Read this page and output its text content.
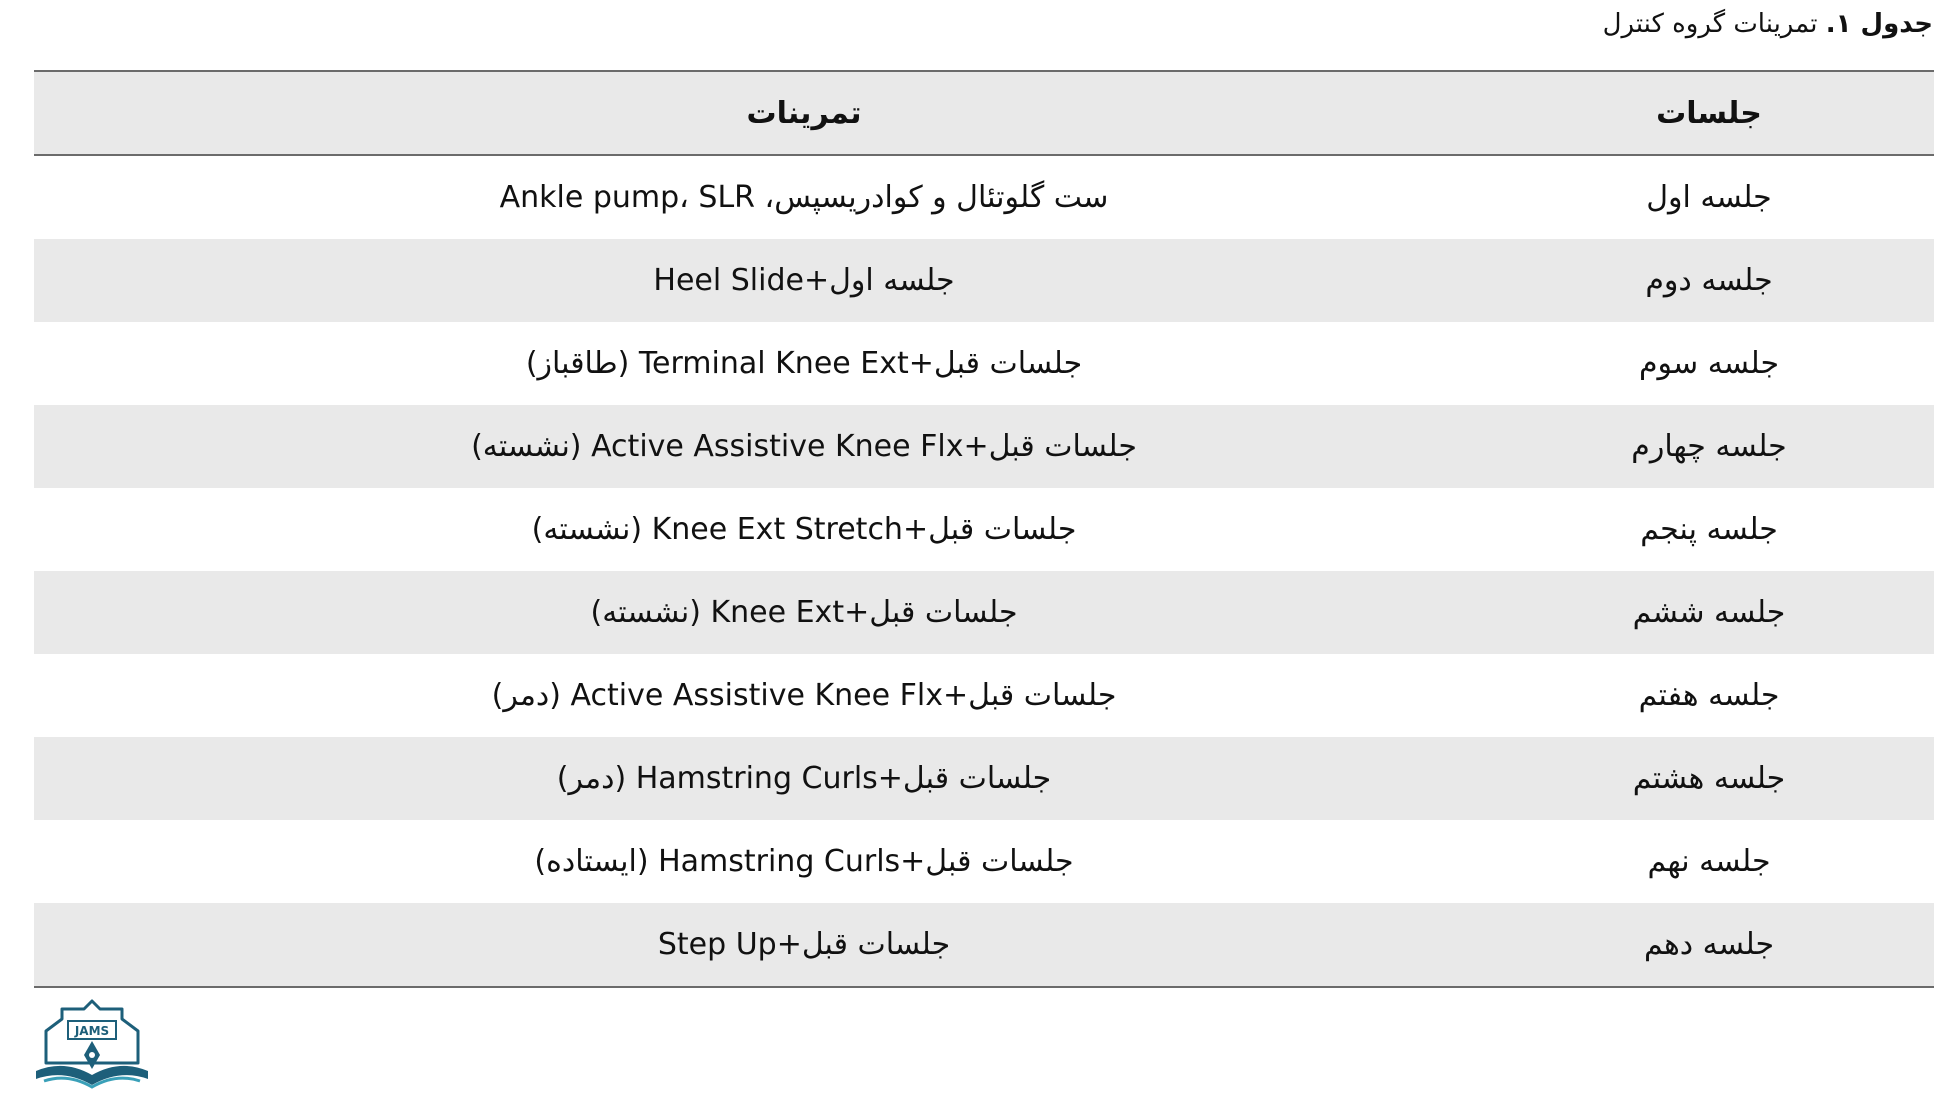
جدول ۱.

تمرینات گروه کنترل
جلسات
تمرینات
جلسه اول
ست گلوتئال و کوادریسپس، Ankle pump، SLR
جلسه دوم
جلسه اول+Heel Slide
جلسه سوم
جلسات قبل+Terminal Knee Ext (طاقباز)
جلسه چهارم
جلسات قبل+Active Assistive Knee Flx (نشسته)
جلسه پنجم
جلسات قبل+Knee Ext Stretch (نشسته)
جلسه ششم
جلسات قبل+Knee Ext (نشسته)
جلسه هفتم
جلسات قبل+Active Assistive Knee Flx (دمر)
جلسه هشتم
جلسات قبل+Hamstring Curls (دمر)
جلسه نهم
جلسات قبل+Hamstring Curls (ایستاده)
جلسه دهم
جلسات قبل+Step Up
JAMS
